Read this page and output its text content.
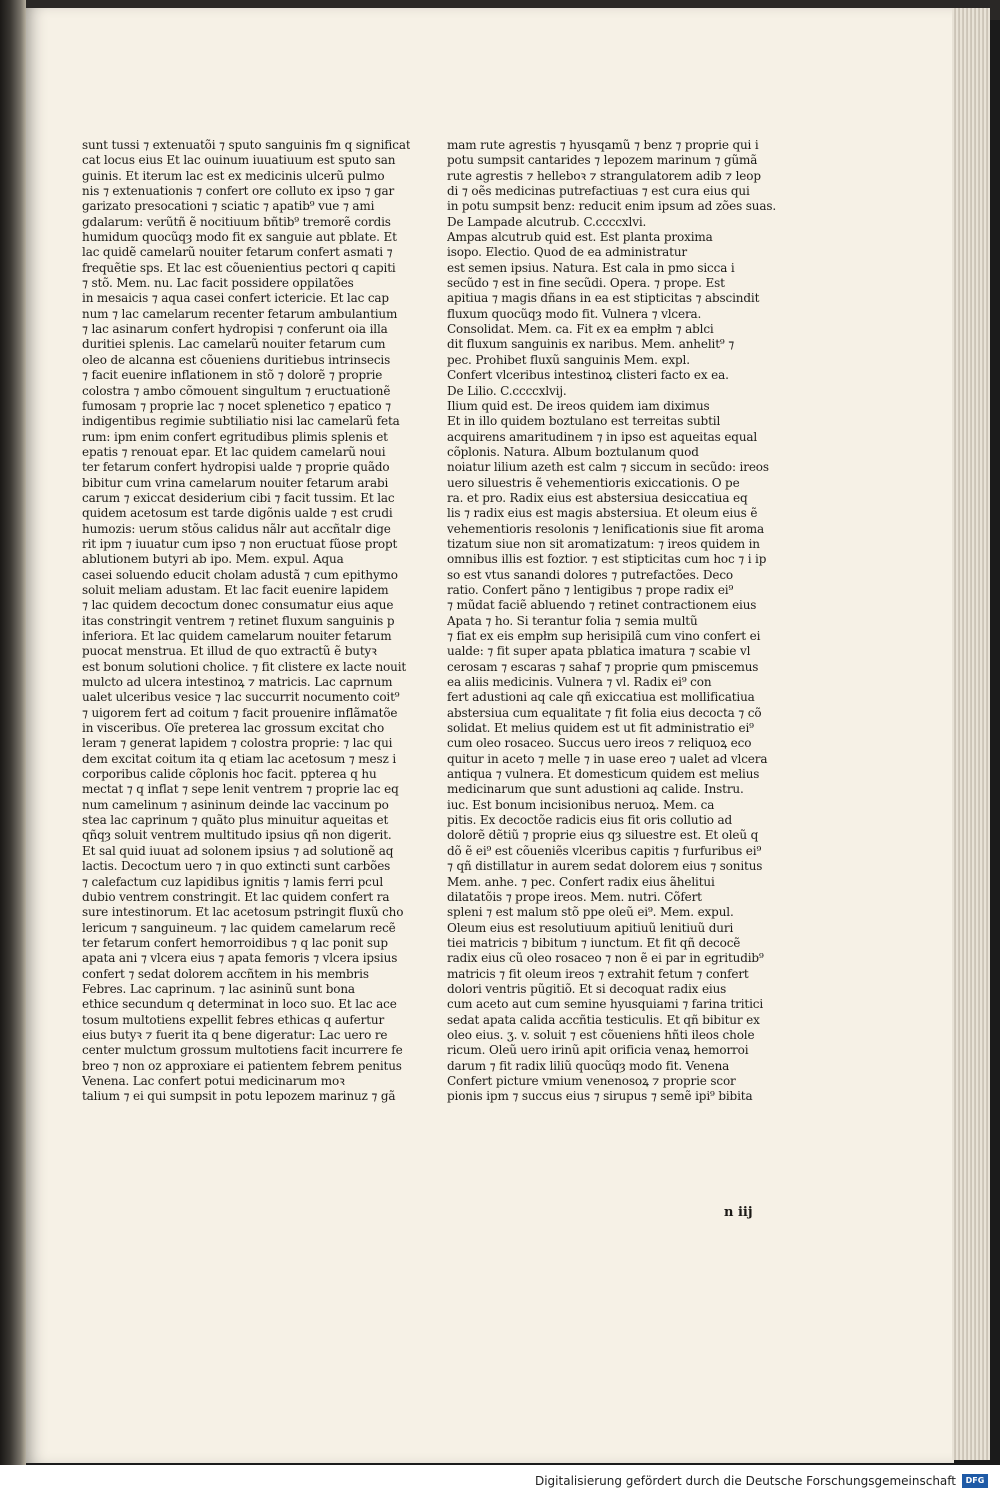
sunt tussi ⁊ extenuatõi ⁊ sputo sanguinis fm q significat
cat locus eius Et lac ouinum iuuatiuum est sputo san
guinis. Et iterum lac est ex medicinis ulcerũ pulmo
nis ⁊ extenuationis ⁊ confert ore colluto ex ipso ⁊ gar
garizato presocationi ⁊ sciatic ⁊ apatib⁹ vue ⁊ ami
gdalarum: verũtñ ẽ nocitiuum bñtib⁹ tremorẽ cordis
humidum quocũqȝ modo fit ex sanguie aut pblate. Et
lac quidẽ camelarũ nouiter fetarum confert asmati ⁊
frequẽtie sps. Et lac est cõuenientius pectori q capiti
⁊ stõ. Mem. nu. Lac facit possidere oppilatões
in mesaicis ⁊ aqua casei confert ictericie. Et lac cap
num ⁊ lac camelarum recenter fetarum ambulantium
⁊ lac asinarum confert hydropisi ⁊ conferunt oia illa
duritiei splenis. Lac camelarũ nouiter fetarum cum
oleo de alcanna est cõueniens duritiebus intrinsecis
⁊ facit euenire inflationem in stõ ⁊ dolorẽ ⁊ proprie
colostra ⁊ ambo cõmouent singultum ⁊ eructuationẽ
fumosam ⁊ proprie lac ⁊ nocet splenetico ⁊ epatico ⁊
indigentibus regimie subtiliatio nisi lac camelarũ feta
rum: ipm enim confert egritudibus plimis splenis et
epatis ⁊ renouat epar. Et lac quidem camelarũ noui
ter fetarum confert hydropisi ualde ⁊ proprie quãdo
bibitur cum vrina camelarum nouiter fetarum arabi
carum ⁊ exiccat desiderium cibi ⁊ facit tussim. Et lac
quidem acetosum est tarde digõnis ualde ⁊ est crudi
humozis: uerum stõus calidus nãlr aut accñtalr dige
rit ipm ⁊ iuuatur cum ipso ⁊ non eructuat fũose propt
ablutionem butyri ab ipo. Mem. expul. Aqua
casei soluendo educit cholam adustã ⁊ cum epithymo
soluit meliam adustam. Et lac facit euenire lapidem
⁊ lac quidem decoctum donec consumatur eius aque
itas constringit ventrem ⁊ retinet fluxum sanguinis p
inferiora. Et lac quidem camelarum nouiter fetarum
puocat menstrua. Et illud de quo extractũ ẽ butyꝛ
est bonum solutioni cholice. ⁊ fit clistere ex lacte nouit
mulcto ad ulcera intestinoꝝ ⁊ matricis. Lac caprnum
ualet ulceribus vesice ⁊ lac succurrit nocumento coit⁹
⁊ uigorem fert ad coitum ⁊ facit prouenire inflãmatõe
in visceribus. Oĩe preterea lac grossum excitat cho
leram ⁊ generat lapidem ⁊ colostra proprie: ⁊ lac qui
dem excitat coitum ita q etiam lac acetosum ⁊ mesz i
corporibus calide cõplonis hoc facit. ppterea q hu
mectat ⁊ q inflat ⁊ sepe lenit ventrem ⁊ proprie lac eq
num camelinum ⁊ asininum deinde lac vaccinum po
stea lac caprinum ⁊ quãto plus minuitur aqueitas et
qñqȝ soluit ventrem multitudo ipsius qñ non digerit.
Et sal quid iuuat ad solonem ipsius ⁊ ad solutionẽ aq
lactis. Decoctum uero ⁊ in quo extincti sunt carbões
⁊ calefactum cuz lapidibus ignitis ⁊ lamis ferri pcul
dubio ventrem constringit. Et lac quidem confert ra
sure intestinorum. Et lac acetosum pstringit fluxũ cho
lericum ⁊ sanguineum. ⁊ lac quidem camelarum recẽ
ter fetarum confert hemorroidibus ⁊ q lac ponit sup
apata ani ⁊ vlcera eius ⁊ apata femoris ⁊ vlcera ipsius
confert ⁊ sedat dolorem accñtem in his membris
Febres. Lac caprinum. ⁊ lac asininũ sunt bona
ethice secundum q determinat in loco suo. Et lac ace
tosum multotiens expellit febres ethicas q aufertur
eius butyꝛ ⁊ fuerit ita q bene digeratur: Lac uero re
center mulctum grossum multotiens facit incurrere fe
breo ⁊ non oz approxiare ei patientem febrem penitus
Venena. Lac confert potui medicinarum moꝛ
talium ⁊ ei qui sumpsit in potu lepozem marinuz ⁊ gã
mam rute agrestis ⁊ hyusqamũ ⁊ benz ⁊ proprie qui i
potu sumpsit cantarides ⁊ lepozem marinum ⁊ gũmã
rute agrestis ⁊ helleboꝛ ⁊ strangulatorem adib ⁊ leop
di ⁊ oẽs medicinas putrefactiuas ⁊ est cura eius qui
in potu sumpsit benz: reducit enim ipsum ad zões suas.
De Lampade alcutrub. C.ccccxlvi.
Ampas alcutrub quid est. Est planta proxima
isopo. Electio. Quod de ea administratur
est semen ipsius. Natura. Est cala in pmo sicca i
secũdo ⁊ est in fine secũdi. Opera. ⁊ prope. Est
apitiua ⁊ magis dñans in ea est stipticitas ⁊ abscindit
fluxum quocũqȝ modo fit. Vulnera ⁊ vlcera.
Consolidat. Mem. ca. Fit ex ea empłm ⁊ ablci
dit fluxum sanguinis ex naribus. Mem. anhelit⁹ ⁊
pec. Prohibet fluxũ sanguinis Mem. expl.
Confert vlceribus intestinoꝝ clisteri facto ex ea.
De Lilio. C.ccccxlvij.
Ilium quid est. De ireos quidem iam diximus
Et in illo quidem boztulano est terreitas subtil
acquirens amaritudinem ⁊ in ipso est aqueitas equal
cõplonis. Natura. Album boztulanum quod
noiatur lilium azeth est calm ⁊ siccum in secũdo: ireos
uero siluestris ẽ vehementioris exiccationis. O pe
ra. et pro. Radix eius est abstersiua desiccatiua eq
lis ⁊ radix eius est magis abstersiua. Et oleum eius ẽ
vehementioris resolonis ⁊ lenificationis siue fit aroma
tizatum siue non sit aromatizatum: ⁊ ireos quidem in
omnibus illis est foztior. ⁊ est stipticitas cum hoc ⁊ i ip
so est vtus sanandi dolores ⁊ putrefactões. Deco
ratio. Confert pãno ⁊ lentigibus ⁊ prope radix ei⁹
⁊ mũdat faciẽ abluendo ⁊ retinet contractionem eius
Apata ⁊ ho. Si terantur folia ⁊ semia multũ
⁊ fiat ex eis empłm sup herisipilã cum vino confert ei
ualde: ⁊ fit super apata pblatica imatura ⁊ scabie vl
cerosam ⁊ escaras ⁊ sahaf ⁊ proprie qum pmiscemus
ea aliis medicinis. Vulnera ⁊ vl. Radix ei⁹ con
fert adustioni aq cale qñ exiccatiua est mollificatiua
abstersiua cum equalitate ⁊ fit folia eius decocta ⁊ cõ
solidat. Et melius quidem est ut fit administratio ei⁹
cum oleo rosaceo. Succus uero ireos ⁊ reliquoꝝ eco
quitur in aceto ⁊ melle ⁊ in uase ereo ⁊ ualet ad vlcera
antiqua ⁊ vulnera. Et domesticum quidem est melius
medicinarum que sunt adustioni aq calide. Instru.
iuc. Est bonum incisionibus neruoꝝ. Mem. ca
pitis. Ex decoctõe radicis eius fit oris collutio ad
dolorẽ dẽtiũ ⁊ proprie eius qȝ siluestre est. Et oleũ q
dõ ẽ ei⁹ est cõueniẽs vlceribus capitis ⁊ furfuribus ei⁹
⁊ qñ distillatur in aurem sedat dolorem eius ⁊ sonitus
Mem. anhe. ⁊ pec. Confert radix eius ãhelitui
dilatatõis ⁊ prope ireos. Mem. nutri. Cõfert
spleni ⁊ est malum stõ ppe oleũ ei⁹. Mem. expul.
Oleum eius est resolutiuum apitiuũ lenitiuũ duri
tiei matricis ⁊ bibitum ⁊ iunctum. Et fit qñ decocẽ
radix eius cũ oleo rosaceo ⁊ non ẽ ei par in egritudib⁹
matricis ⁊ fit oleum ireos ⁊ extrahit fetum ⁊ confert
dolori ventris pũgitiõ. Et si decoquat radix eius
cum aceto aut cum semine hyusquiami ⁊ farina tritici
sedat apata calida accñtia testiculis. Et qñ bibitur ex
oleo eius. ʒ. v. soluit ⁊ est cõueniens hñti ileos chole
ricum. Oleũ uero irinũ apit orificia venaꝝ hemorroi
darum ⁊ fit radix liliũ quocũqȝ modo fit. Venena
Confert picture vmium venenosoꝝ ⁊ proprie scor
pionis ipm ⁊ succus eius ⁊ sirupus ⁊ semẽ ipi⁹ bibita
n iij
Digitalisierung gefördert durch die Deutsche Forschungsgemeinschaft	DFG
